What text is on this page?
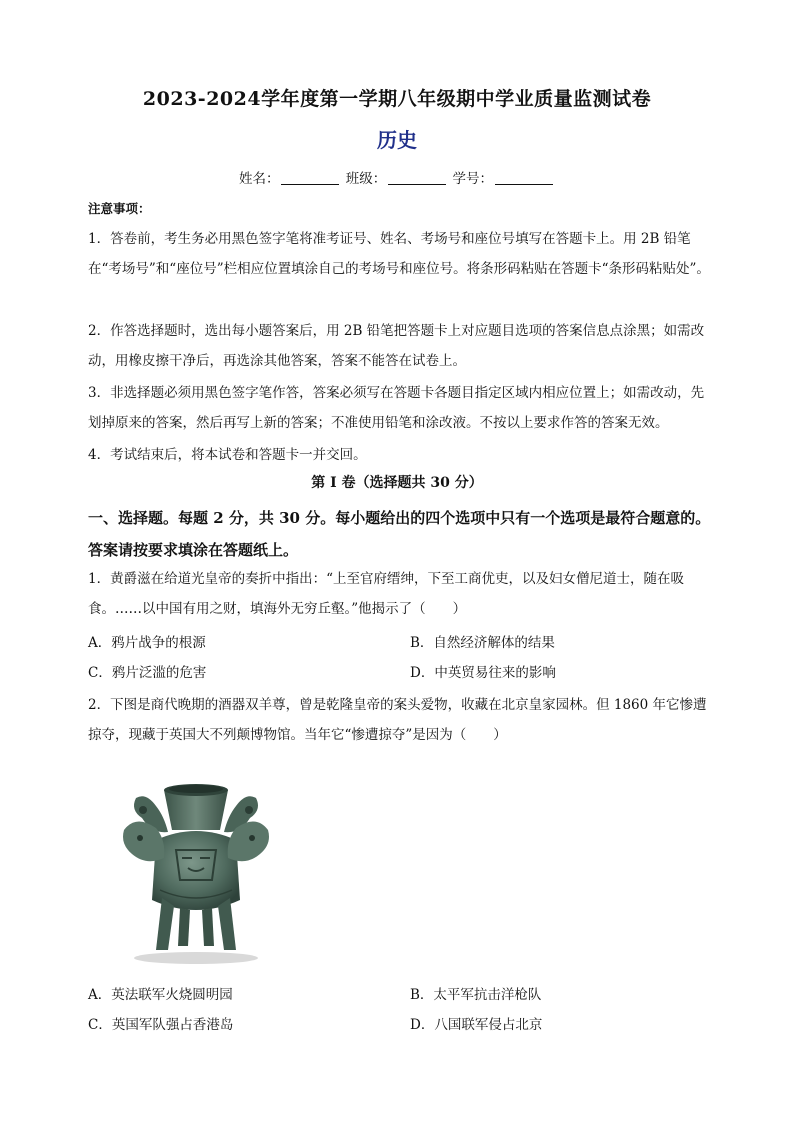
2023-2024学年度第一学期八年级期中学业质量监测试卷
历史
姓名：	班级：	学号：
注意事项：
1．答卷前，考生务必用黑色签字笔将准考证号、姓名、考场号和座位号填写在答题卡上。用 2B 铅笔在“考场号”和“座位号”栏相应位置填涂自己的考场号和座位号。将条形码粘贴在答题卡“条形码粘贴处”。
2．作答选择题时，选出每小题答案后，用 2B 铅笔把答题卡上对应题目选项的答案信息点涂黑；如需改动，用橡皮擦干净后，再选涂其他答案，答案不能答在试卷上。
3．非选择题必须用黑色签字笔作答，答案必须写在答题卡各题目指定区域内相应位置上；如需改动，先划掉原来的答案，然后再写上新的答案；不准使用铅笔和涂改液。不按以上要求作答的答案无效。
4．考试结束后，将本试卷和答题卡一并交回。
第 I 卷（选择题共 30 分）
一、选择题。每题 2 分，共 30 分。每小题给出的四个选项中只有一个选项是最符合题意的。答案请按要求填涂在答题纸上。
1．黄爵滋在给道光皇帝的奏折中指出：“上至官府缙绅，下至工商优吏，以及妇女僧尼道士，随在吸食。……以中国有用之财，填海外无穷丘壑。”他揭示了（　　）
A．鸦片战争的根源	B．自然经济解体的结果
C．鸦片泛滥的危害	D．中英贸易往来的影响
2．下图是商代晚期的酒器双羊尊，曾是乾隆皇帝的案头爱物，收藏在北京皇家园林。但 1860 年它惨遭掠夺，现藏于英国大不列颠博物馆。当年它“惨遭掠夺”是因为（　　）
A．英法联军火烧圆明园	B．太平军抗击洋枪队
C．英国军队强占香港岛	D．八国联军侵占北京
